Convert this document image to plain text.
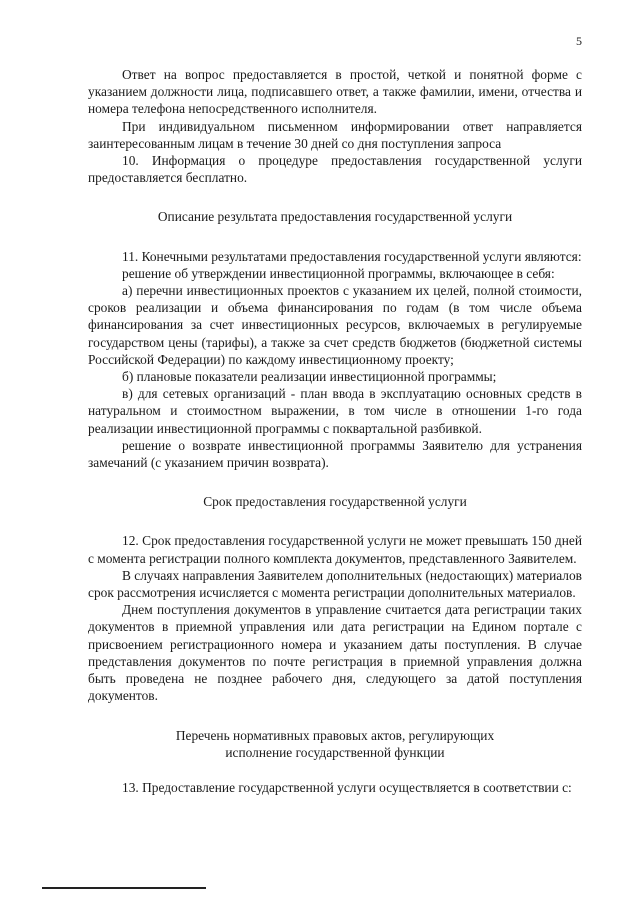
5

Ответ на вопрос предоставляется в простой, четкой и понятной форме с указанием должности лица, подписавшего ответ, а также фамилии, имени, отчества и номера телефона непосредственного исполнителя.

При индивидуальном письменном информировании ответ направляется заинтересованным лицам в течение 30 дней со дня поступления запроса

10. Информация о процедуре предоставления государственной услуги предоставляется бесплатно.

Описание результата предоставления государственной услуги

11. Конечными результатами предоставления государственной услуги являются:

решение об утверждении инвестиционной программы, включающее в себя:

а) перечни инвестиционных проектов с указанием их целей, полной стоимости, сроков реализации и объема финансирования по годам (в том числе объема финансирования за счет инвестиционных ресурсов, включаемых в регулируемые государством цены (тарифы), а также за счет средств бюджетов (бюджетной системы Российской Федерации) по каждому инвестиционному проекту;

б) плановые показатели реализации инвестиционной программы;

в) для сетевых организаций - план ввода в эксплуатацию основных средств в натуральном и стоимостном выражении, в том числе в отношении 1-го года реализации инвестиционной программы с поквартальной разбивкой.

решение о возврате инвестиционной программы Заявителю для устранения замечаний (с указанием причин возврата).

Срок предоставления государственной услуги

12. Срок предоставления государственной услуги не может превышать 150 дней с момента регистрации полного комплекта документов, представленного Заявителем.

В случаях направления Заявителем дополнительных (недостающих) материалов срок рассмотрения исчисляется с момента регистрации дополнительных материалов.

Днем поступления документов в управление считается дата регистрации таких документов в приемной управления или дата регистрации на Едином портале с присвоением регистрационного номера и указанием даты поступления. В случае представления документов по почте регистрация в приемной управления должна быть проведена не позднее рабочего дня, следующего за датой поступления документов.

Перечень нормативных правовых актов, регулирующих

исполнение государственной функции

13. Предоставление государственной услуги осуществляется в соответствии с:
